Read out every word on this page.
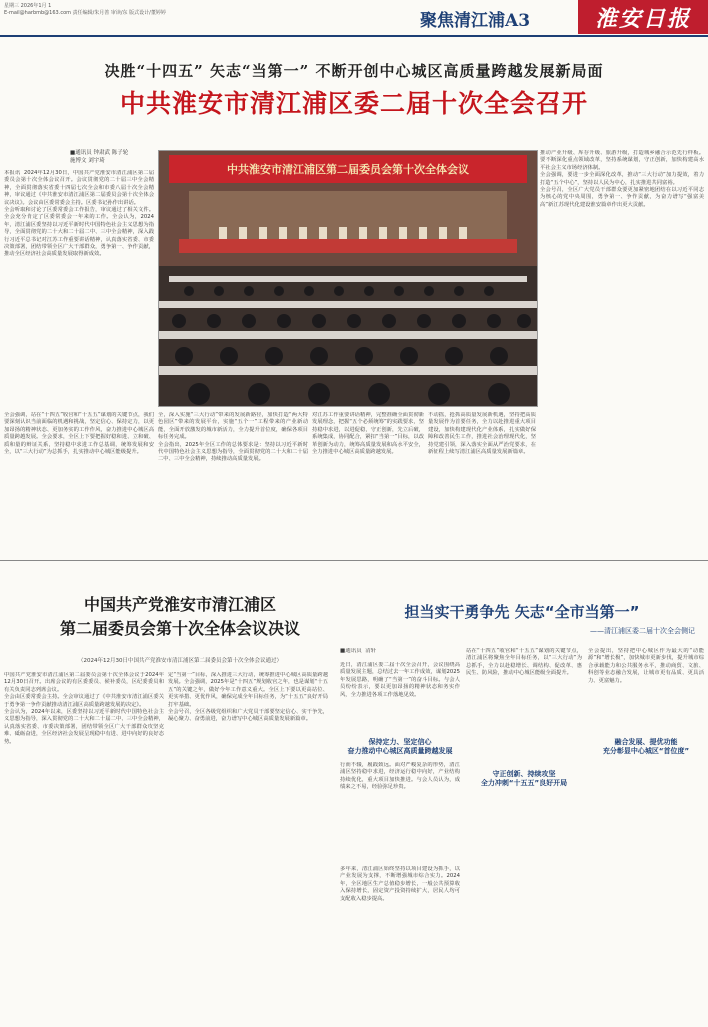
星期三 2026年1月 1
E-mail@harbmb@163.com 责任编辑/朱月善 审读/东 版式设计/董婷婷	聚焦清江浦A3	淮安日报
决胜“十四五” 矢志“当第一” 不断开创中心城区高质量跨越发展新局面
中共淮安市清江浦区委二届十次全会召开
■通讯员 钟肃武 陈子轮
施博文 刘宇琦
本报讯  2024年12月30日，中国共产党淮安市清江浦区第二届委员会第十次全体会议召开。会议贯彻党的二十届三中全会精神，全面贯彻落实省委十四届七次全会和市委八届十次全会精神，审议通过《中共淮安市清江浦区第二届委员会第十次全体会议决议》。会议由区委常委会主持。区委书记孙作出讲话。
全会听取和讨论了区委常委会工作报告，审议通过了相关文件。全会充分肯定了区委常委会一年来的工作。全会认为，2024年，清江浦区委坚持以习近平新时代中国特色社会主义思想为指导，全面贯彻党的二十大和二十届二中、三中全会精神，深入践行习近平总书记对江苏工作重要讲话精神，认真落实省委、市委决策部署，团结带领全区广大干部群众，勇争第一、争作贡献，推动全区经济社会高质量发展取得新成效。
中共淮安市清江浦区第二届委员会第十次全体会议
全，深入实施“三大行动”带来的发展新路径，加快打造“两大特色园区”带来的发展平台，实施“五个一”工程带来的产业新动能，全面开放激发的城市新活力，全力提升首位度，确保各项目标任务完成。
全会指出，2025年全区工作的总体要求是：坚持以习近平新时代中国特色社会主义思想为指导，全面贯彻党的二十大和二十届二中、三中全会精神，持续推动高质量发展。
全会强调，站在“十四五”收官和“十五五”谋划的关键节点，我们要深刻认识当前面临的机遇和挑战，坚定信心、保持定力，以更加昂扬的精神状态、更加务实的工作作风，奋力推进中心城区高质量跨越发展。全会要求，全区上下要把握好稳和进、立和破、质和量的辩证关系，坚持稳中求进工作总基调，统筹发展和安全，以“三大行动”为总抓手，扎实推动中心城区能级提升。
对江苏工作重要讲话精神，完整准确全面贯彻新发展理念，把握“五个必须统筹”的实践要求，坚持稳中求进，以进促稳，守正创新，先立后破，系统集成，协同配合，紧扣“当第一”目标，以改革创新为动力，统筹高质量发展和高水平安全，全力推进中心城区高质量跨越发展。
不动摇，抢抓高质量发展新机遇，坚持把高质量发展作为首要任务，全力以赴推进重大项目建设，加快构建现代化产业体系，扎实做好保障和改善民生工作，推进社会治理现代化，坚持党建引领，深入落实全面从严治党要求，在新征程上续写清江浦区高质量发展新篇章。
推动产业升级、库存升级、旅游升级，打造城乡融合示范先行样板。要不断深化重点领域改革，坚持系统谋划，守正创新，加快构建高水平社会主义市场经济体制。
全会强调，要进一步全面深化改革，推动“三大行动”加力提效，着力打造“五个中心”，坚持以人民为中心，扎实推进共同富裕。
全会号召，全区广大党员干部群众要更加紧密地团结在以习近平同志为核心的党中央周围，勇争第一、争作贡献，为奋力谱写“强富美高”新江苏现代化建设淮安篇章作出更大贡献。
中国共产党淮安市清江浦区
第二届委员会第十次全体会议决议
（2024年12月30日中国共产党淮安市清江浦区第二届委员会第十次全体会议通过）
中国共产党淮安市清江浦区第二届委员会第十次全体会议于2024年12月30日召开。出席会议的有区委委员、候补委员，区纪委委员和有关负责同志列席会议。
全会由区委常委会主持。全会审议通过了《中共淮安市清江浦区委关于勇争第一争作贡献推动清江浦区高质量跨越发展的决定》。
全会认为，2024年以来，区委坚持以习近平新时代中国特色社会主义思想为指导，深入贯彻党的二十大和二十届二中、三中全会精神，认真落实省委、市委决策部署，团结带领全区广大干部群众攻坚克难、砥砺奋进，全区经济社会发展呈现稳中有进、进中向好的良好态势。
定“当第一”目标，深入推进三大行动，统筹推进中心城区高质量跨越发展。全会强调，2025年是“十四五”规划收官之年，也是谋划“十五五”的关键之年，做好今年工作意义重大。全区上下要以更高站位、更实举措、更优作风，确保完成全年目标任务，为“十五五”良好开局打牢基础。
全会号召，全区各级党组织和广大党员干部要坚定信心、实干争先，凝心聚力、奋勇前进，奋力谱写中心城区高质量发展新篇章。
担当实干勇争先 矢志“全市当第一”
——清江浦区委二届十次全会侧记
■通讯员  清轩
近日，清江浦区委二届十次全会召开，会议围绕高质量发展主题，总结过去一年工作成效，谋划2025年发展思路，明确了“当第一”的奋斗目标。与会人员纷纷表示，要以更加昂扬的精神状态和务实作风，全力推进各项工作落地见效。
保持定力、坚定信心
奋力推动中心城区高质量跨越发展
行而不辍，履践致远。面对严峻复杂的形势，清江浦区坚持稳中求进，经济运行稳中向好，产业结构持续优化，重大项目加快推进。与会人员认为，成绩来之不易，经验弥足珍贵。
多年来，清江浦区始终坚持以项目建设为抓手，以产业发展为支撑，不断增强城市综合实力。2024年，全区地区生产总值稳步增长，一般公共预算收入保持增长，固定资产投资持续扩大，居民人均可支配收入稳步提高。
守正创新、持续攻坚
全力冲刺“十五五”良好开局
站在“十四五”收官和“十五五”谋划的关键节点，清江浦区将聚焦全年目标任务，以“三大行动”为总抓手，全力以赴稳增长、调结构、促改革、惠民生、防风险，推动中心城区能级全面提升。
全会提出，坚持把中心城区作为最大的“动能源”和“增长极”，加快城市更新步伐，提升城市综合承载能力和公共服务水平，推动商贸、文旅、科创等业态融合发展，让城市更有品质、更具活力、更富魅力。
融合发展、提优功能
充分彰显中心城区“首位度”
